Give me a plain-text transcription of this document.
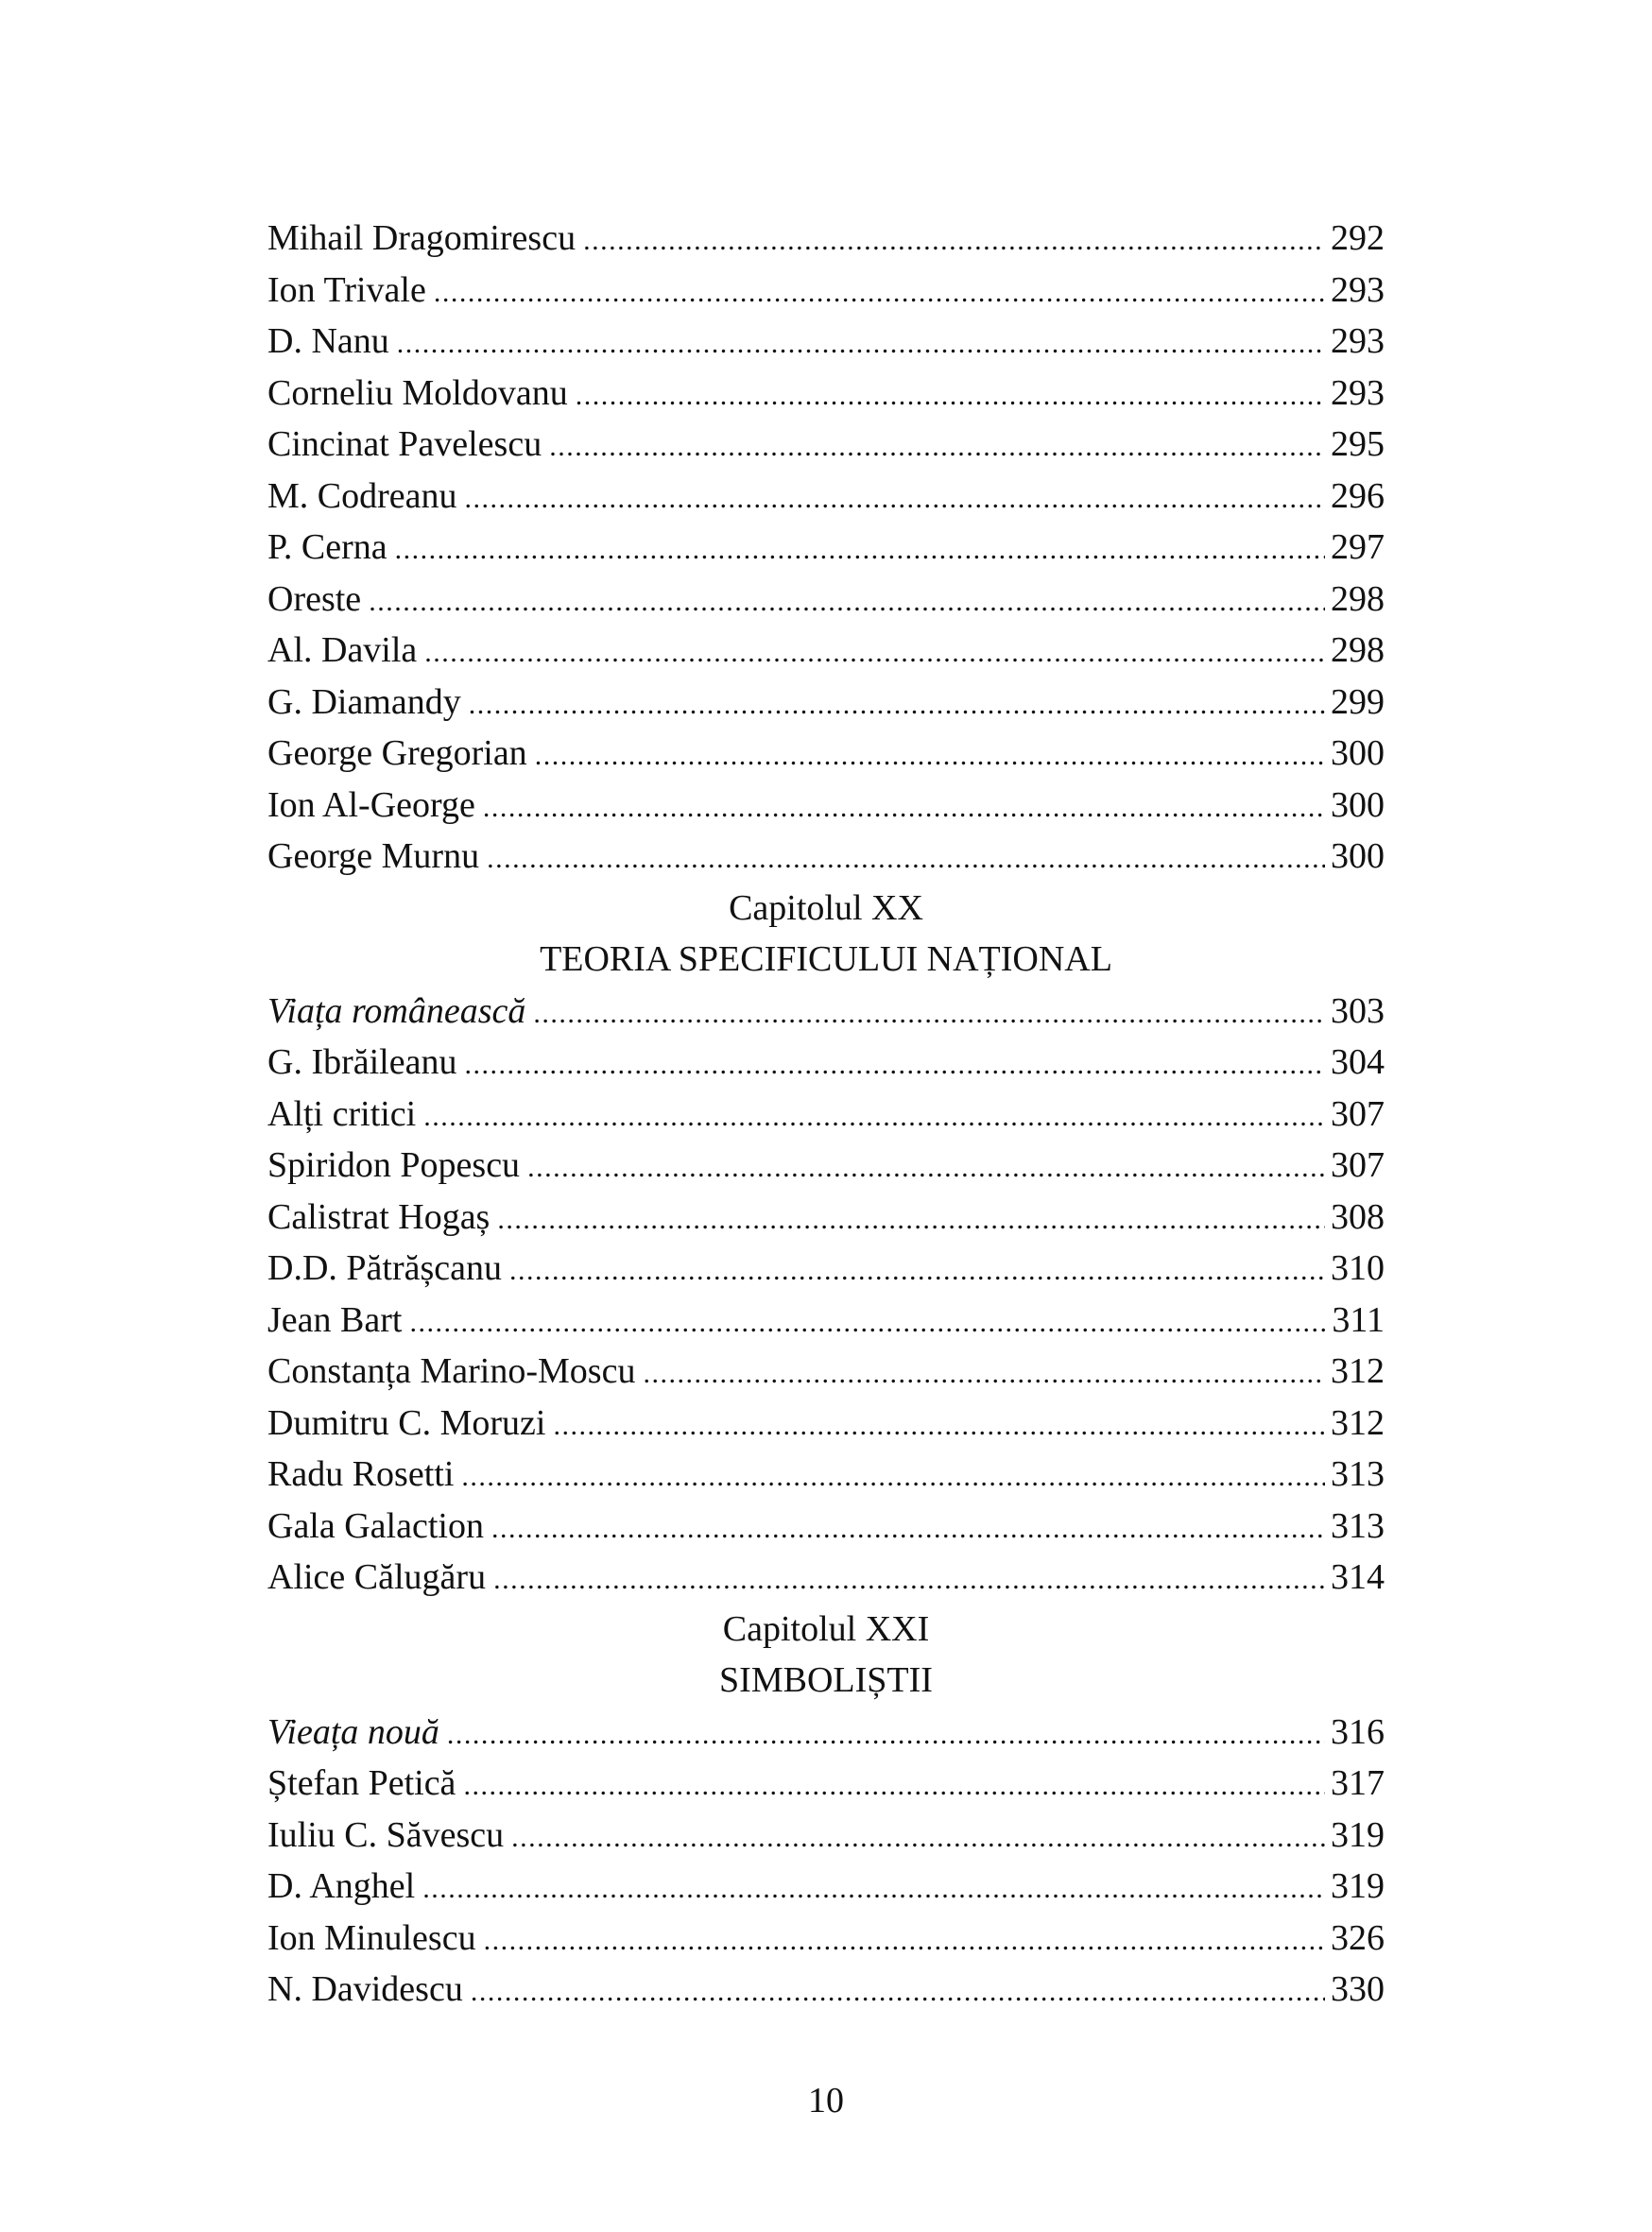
Mihail Dragomirescu .....	292
Ion Trivale .....	293
D. Nanu .....	293
Corneliu Moldovanu .....	293
Cincinat Pavelescu .....	295
M. Codreanu .....	296
P. Cerna .....	297
Oreste .....	298
Al. Davila .....	298
G. Diamandy .....	299
George Gregorian .....	300
Ion Al-George .....	300
George Murnu .....	300
Capitolul XX
TEORIA SPECIFICULUI NAȚIONAL
Viața românească .....	303
G. Ibrăileanu .....	304
Alți critici .....	307
Spiridon Popescu .....	307
Calistrat Hogaș .....	308
D.D. Pătrășcanu .....	310
Jean Bart .....	311
Constanța Marino-Moscu .....	312
Dumitru C. Moruzi .....	312
Radu Rosetti .....	313
Gala Galaction .....	313
Alice Călugăru .....	314
Capitolul XXI
SIMBOLIȘTII
Vieața nouă .....	316
Ștefan Petică .....	317
Iuliu C. Săvescu .....	319
D. Anghel .....	319
Ion Minulescu .....	326
N. Davidescu .....	330
10
